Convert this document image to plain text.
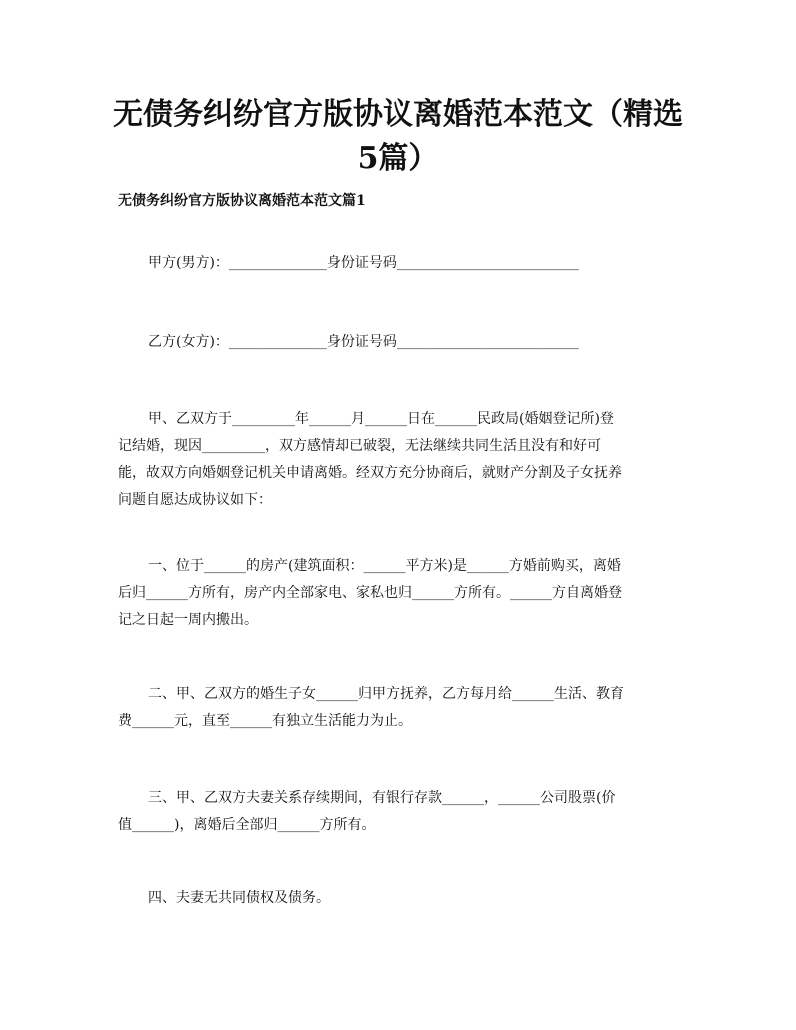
无债务纠纷官方版协议离婚范本范文（精选
5篇）
无债务纠纷官方版协议离婚范本范文篇1

甲方(男方)：______________身份证号码__________________________

乙方(女方)：______________身份证号码__________________________

甲、乙双方于_________年______月______日在______民政局(婚姻登记所)登
记结婚，现因_________，双方感情却已破裂，无法继续共同生活且没有和好可
能，故双方向婚姻登记机关申请离婚。经双方充分协商后，就财产分割及子女抚养
问题自愿达成协议如下：

一、位于______的房产(建筑面积：______平方米)是______方婚前购买，离婚
后归______方所有，房产内全部家电、家私也归______方所有。______方自离婚登
记之日起一周内搬出。

二、甲、乙双方的婚生子女______归甲方抚养，乙方每月给______生活、教育
费______元，直至______有独立生活能力为止。

三、甲、乙双方夫妻关系存续期间，有银行存款______，______公司股票(价
值______)，离婚后全部归______方所有。

四、夫妻无共同债权及债务。
